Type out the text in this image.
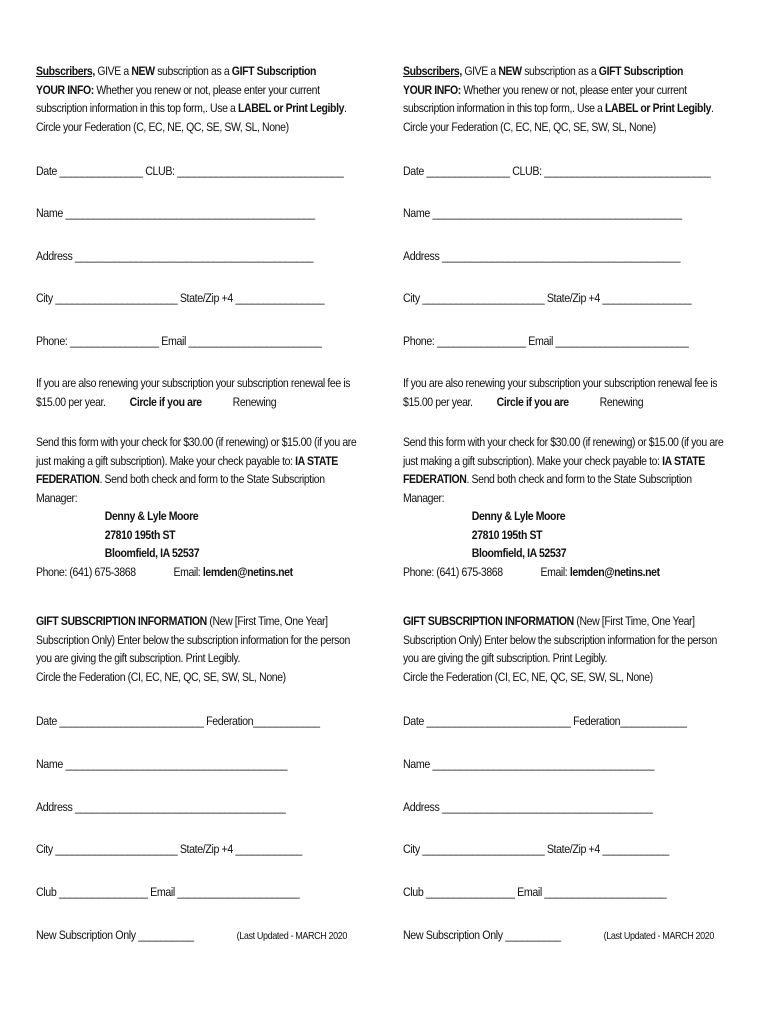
Subscribers, GIVE a NEW subscription as a GIFT Subscription
YOUR INFO: Whether you renew or not, please enter your current
subscription information in this top form,. Use a LABEL or Print Legibly.
Circle your Federation (C, EC, NE, QC, SE, SW, SL, None)
Date _______________ CLUB: ______________________________
Name _____________________________________________
Address ___________________________________________
City ______________________ State/Zip +4 ________________
Phone: ________________ Email ________________________
If you are also renewing your subscription your subscription renewal fee is
$15.00 per year. Circle if you are	Renewing
Send this form with your check for $30.00 (if renewing) or $15.00 (if you are
just making a gift subscription). Make your check payable to: IA STATE
FEDERATION. Send both check and form to the State Subscription
Manager:
Denny & Lyle Moore
27810 195th ST
Bloomfield, IA 52537
Phone: (641) 675-3868	Email: lemden@netins.net
GIFT SUBSCRIPTION INFORMATION (New [First Time, One Year]
Subscription Only) Enter below the subscription information for the person
you are giving the gift subscription. Print Legibly.
Circle the Federation (CI, EC, NE, QC, SE, SW, SL, None)
Date __________________________ Federation____________
Name ________________________________________
Address ______________________________________
City ______________________ State/Zip +4 ____________
Club ________________ Email ______________________
New Subscription Only __________	(Last Updated - MARCH 2020
Subscribers, GIVE a NEW subscription as a GIFT Subscription
YOUR INFO: Whether you renew or not, please enter your current
subscription information in this top form,. Use a LABEL or Print Legibly.
Circle your Federation (C, EC, NE, QC, SE, SW, SL, None)
Date _______________ CLUB: ______________________________
Name _____________________________________________
Address ___________________________________________
City ______________________ State/Zip +4 ________________
Phone: ________________ Email ________________________
If you are also renewing your subscription your subscription renewal fee is
$15.00 per year. Circle if you are	Renewing
Send this form with your check for $30.00 (if renewing) or $15.00 (if you are
just making a gift subscription). Make your check payable to: IA STATE
FEDERATION. Send both check and form to the State Subscription
Manager:
Denny & Lyle Moore
27810 195th ST
Bloomfield, IA 52537
Phone: (641) 675-3868	Email: lemden@netins.net
GIFT SUBSCRIPTION INFORMATION (New [First Time, One Year]
Subscription Only) Enter below the subscription information for the person
you are giving the gift subscription. Print Legibly.
Circle the Federation (CI, EC, NE, QC, SE, SW, SL, None)
Date __________________________ Federation____________
Name ________________________________________
Address ______________________________________
City ______________________ State/Zip +4 ____________
Club ________________ Email ______________________
New Subscription Only __________	(Last Updated - MARCH 2020
